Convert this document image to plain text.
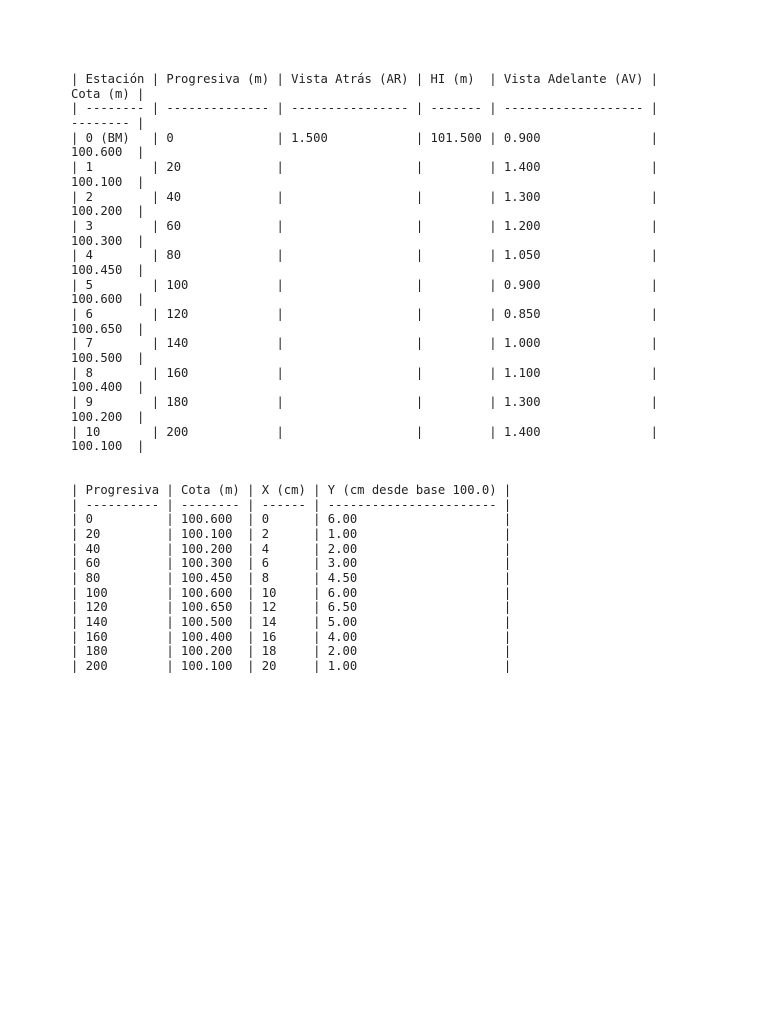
| Estación | Progresiva (m) | Vista Atrás (AR) | HI (m)  | Vista Adelante (AV) |
Cota (m) |
| -------- | -------------- | ---------------- | ------- | ------------------- |
-------- |
| 0 (BM)   | 0              | 1.500            | 101.500 | 0.900               |
100.600  |
| 1        | 20             |                  |         | 1.400               |
100.100  |
| 2        | 40             |                  |         | 1.300               |
100.200  |
| 3        | 60             |                  |         | 1.200               |
100.300  |
| 4        | 80             |                  |         | 1.050               |
100.450  |
| 5        | 100            |                  |         | 0.900               |
100.600  |
| 6        | 120            |                  |         | 0.850               |
100.650  |
| 7        | 140            |                  |         | 1.000               |
100.500  |
| 8        | 160            |                  |         | 1.100               |
100.400  |
| 9        | 180            |                  |         | 1.300               |
100.200  |
| 10       | 200            |                  |         | 1.400               |
100.100  |
| Progresiva | Cota (m) | X (cm) | Y (cm desde base 100.0) |
| ---------- | -------- | ------ | ----------------------- |
| 0          | 100.600  | 0      | 6.00                    |
| 20         | 100.100  | 2      | 1.00                    |
| 40         | 100.200  | 4      | 2.00                    |
| 60         | 100.300  | 6      | 3.00                    |
| 80         | 100.450  | 8      | 4.50                    |
| 100        | 100.600  | 10     | 6.00                    |
| 120        | 100.650  | 12     | 6.50                    |
| 140        | 100.500  | 14     | 5.00                    |
| 160        | 100.400  | 16     | 4.00                    |
| 180        | 100.200  | 18     | 2.00                    |
| 200        | 100.100  | 20     | 1.00                    |
